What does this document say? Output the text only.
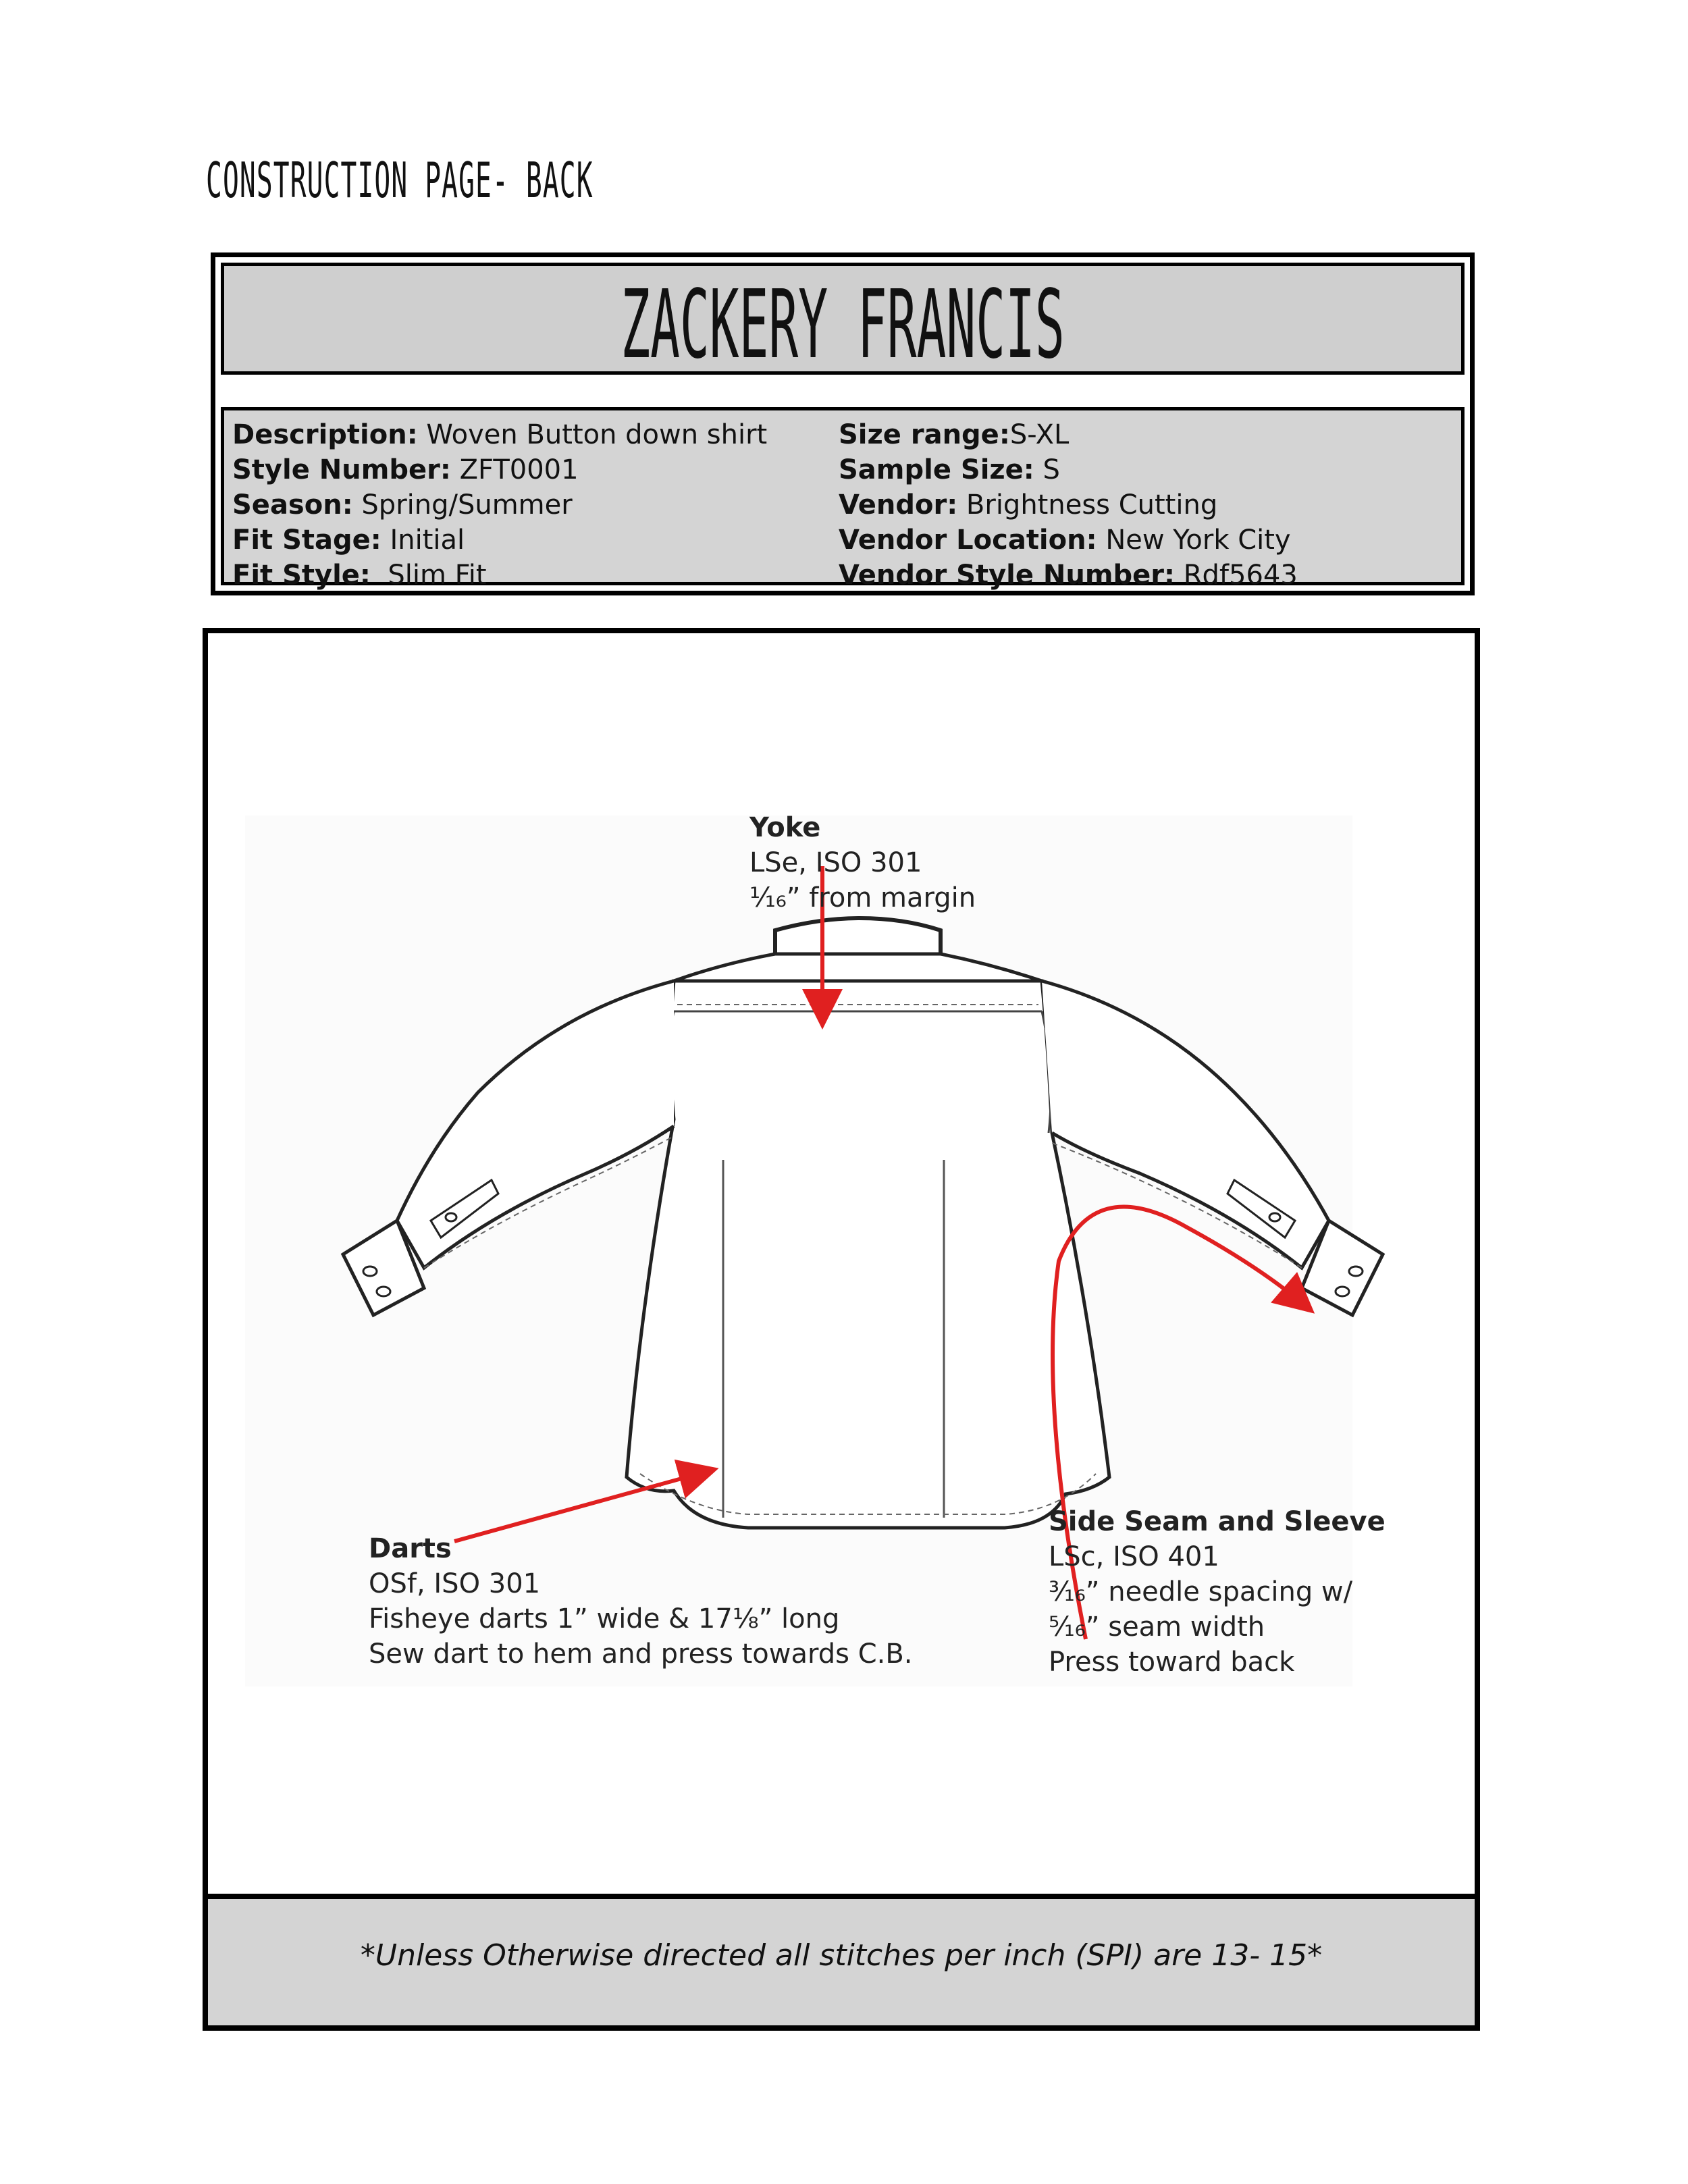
CONSTRUCTION PAGE- BACK
ZACKERY FRANCIS
Description: Woven Button down shirt
Style Number: ZFT0001
Season: Spring/Summer
Fit Stage: Initial
Fit Style:  Slim Fit
Size range:S-XL
Sample Size: S
Vendor: Brightness Cutting
Vendor Location: New York City
Vendor Style Number: Rdf5643
Yoke
LSe, ISO 301
¹⁄₁₆” from margin
Darts
OSf, ISO 301
Fisheye darts 1” wide & 17⅛” long
Sew dart to hem and press towards C.B.
Side Seam and Sleeve
LSc, ISO 401
³⁄₁₆” needle spacing w/
⁵⁄₁₆” seam width
Press toward back
*Unless Otherwise directed all stitches per inch (SPI) are 13- 15*
